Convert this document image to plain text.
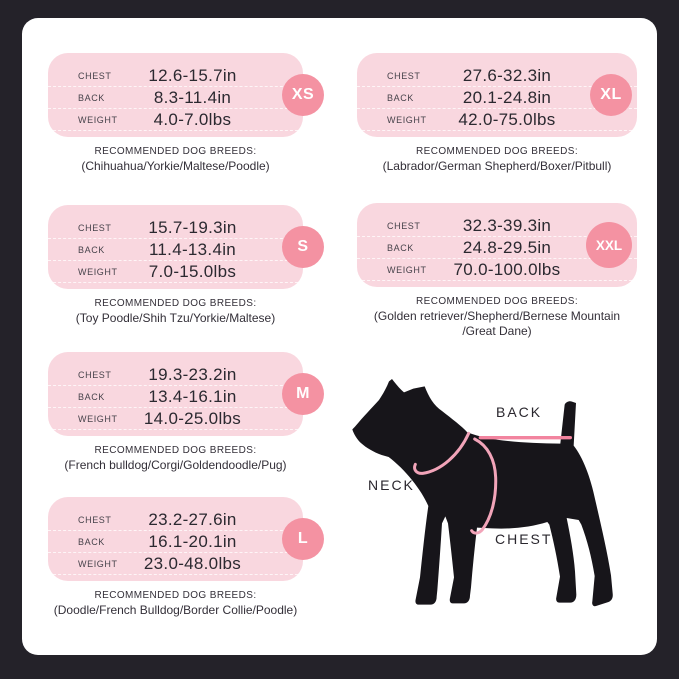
CHEST	12.6-15.7in
BACK	8.3-11.4in
WEIGHT	4.0-7.0lbs
XS
RECOMMENDED DOG BREEDS:
(Chihuahua/Yorkie/Maltese/Poodle)
CHEST	15.7-19.3in
BACK	11.4-13.4in
WEIGHT	7.0-15.0lbs
S
RECOMMENDED DOG BREEDS:
(Toy Poodle/Shih Tzu/Yorkie/Maltese)
CHEST	19.3-23.2in
BACK	13.4-16.1in
WEIGHT	14.0-25.0lbs
M
RECOMMENDED DOG BREEDS:
(French bulldog/Corgi/Goldendoodle/Pug)
CHEST	23.2-27.6in
BACK	16.1-20.1in
WEIGHT	23.0-48.0lbs
L
RECOMMENDED DOG BREEDS:
(Doodle/French Bulldog/Border Collie/Poodle)
CHEST	27.6-32.3in
BACK	20.1-24.8in
WEIGHT	42.0-75.0lbs
XL
RECOMMENDED DOG BREEDS:
(Labrador/German Shepherd/Boxer/Pitbull)
CHEST	32.3-39.3in
BACK	24.8-29.5in
WEIGHT	70.0-100.0lbs
XXL
RECOMMENDED DOG BREEDS:
(Golden retriever/Shepherd/Bernese Mountain /Great Dane)
BACK
NECK
CHEST
